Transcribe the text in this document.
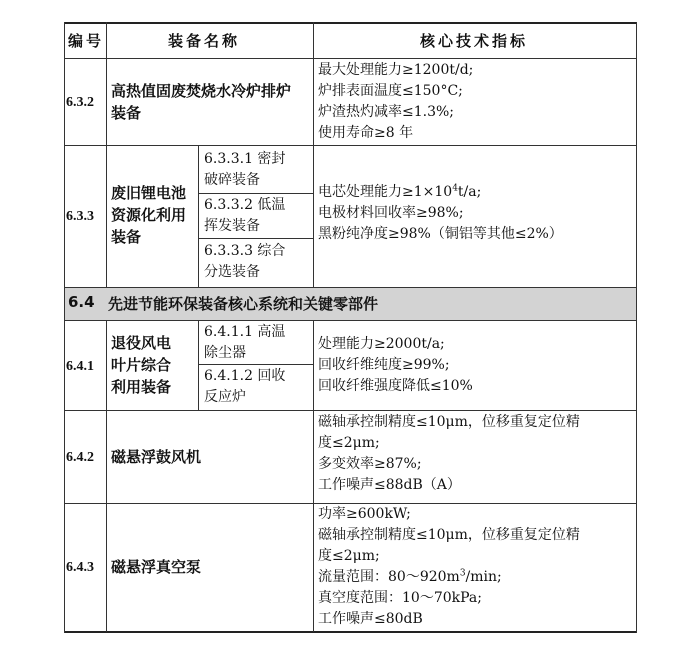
编号	装备名称	核心技术指标
6.3.2
高热值固废焚烧水冷炉排炉
装备
最大处理能力≥1200t/d;
炉排表面温度≤150°C;
炉渣热灼减率≤1.3%;
使用寿命≥8 年
6.3.3
废旧锂电池
资源化利用
装备
6.3.3.1 密封
破碎装备
6.3.3.2 低温
挥发装备
6.3.3.3 综合
分选装备
电芯处理能力$\ge 1\times 10^4t/a$;
电极材料回收率≥98%;
黑粉纯净度≥98%（铜铝等其他≤2%）
6.4 先进节能环保装备核心系统和关键零部件
6.4.1
退役风电
叶片综合
利用装备
6.4.1.1 高温
除尘器
6.4.1.2 回收
反应炉
处理能力≥2000t/a;
回收纤维纯度≥99%;
回收纤维强度降低≤10%
6.4.2 磁悬浮鼓风机
磁轴承控制精度≤10μm，位移重复定位精
度≤2μm;
多变效率≥87%;
工作噪声≤88dB（A）
6.4.3 磁悬浮真空泵
功率≥600kW;
磁轴承控制精度≤10μm，位移重复定位精
度≤2μm;
流量范围：$80\sim 920m^3/\min$;
真空度范围：10～70kPa;
工作噪声≤80dB
